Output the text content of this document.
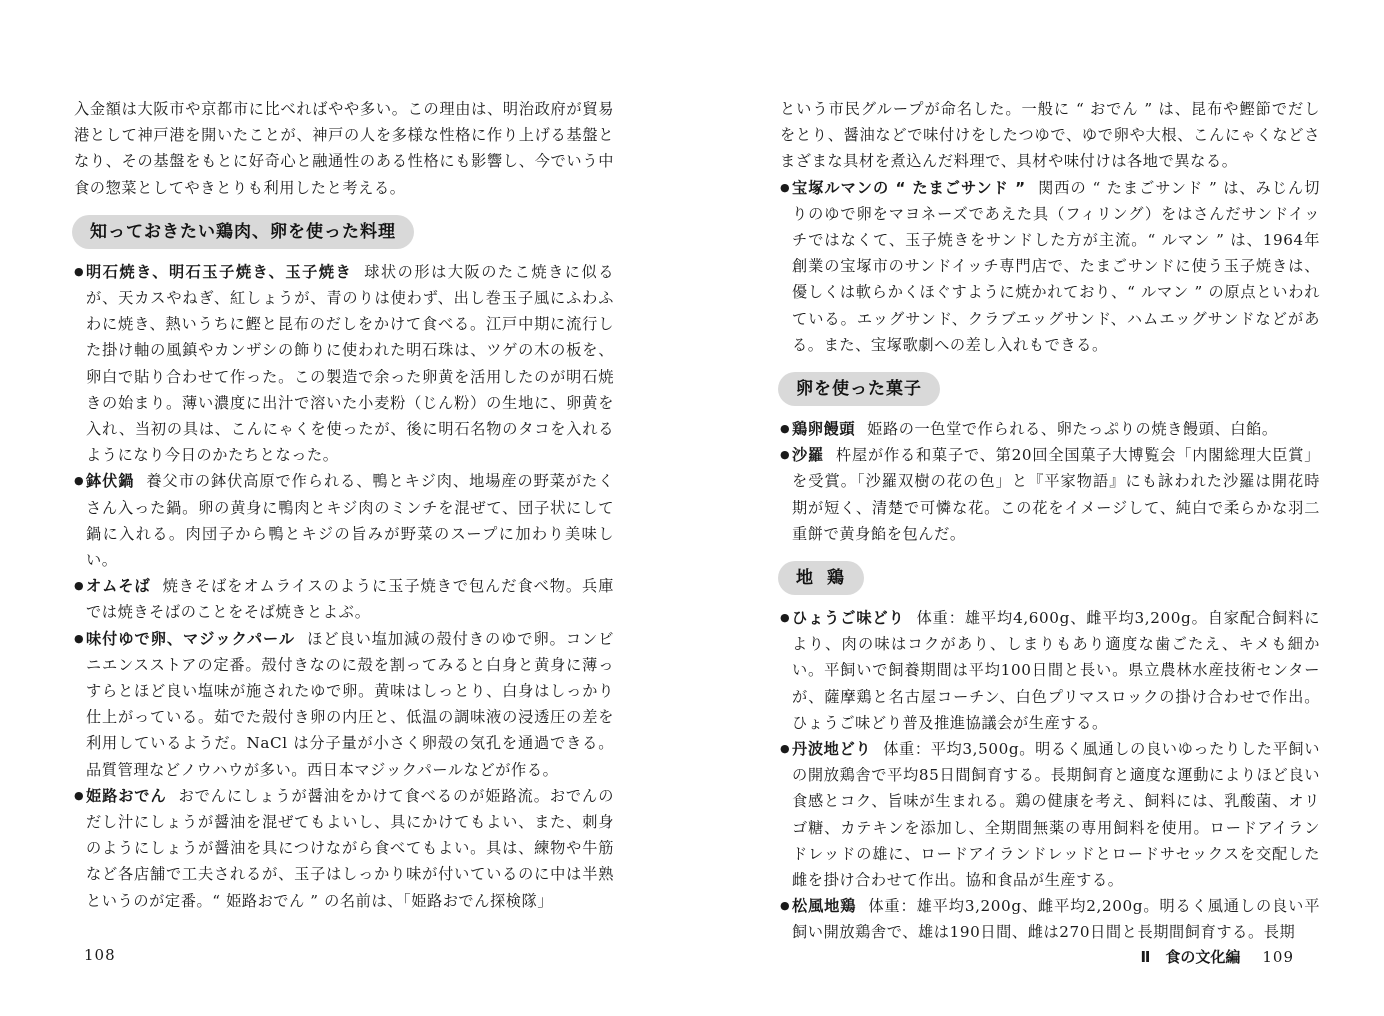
入金額は大阪市や京都市に比べればやや多い。この理由は、明治政府が貿易港として神戸港を開いたことが、神戸の人を多様な性格に作り上げる基盤となり、その基盤をもとに好奇心と融通性のある性格にも影響し、今でいう中食の惣菜としてやきとりも利用したと考える。

知っておきたい鶏肉、卵を使った料理
● 明石焼き、明石玉子焼き、玉子焼き 球状の形は大阪のたこ焼きに似るが、天カスやねぎ、紅しょうが、青のりは使わず、出し巻玉子風にふわふわに焼き、熱いうちに鰹と昆布のだしをかけて食べる。江戸中期に流行した掛け軸の風鎮やカンザシの飾りに使われた明石珠は、ツゲの木の板を、卵白で貼り合わせて作った。この製造で余った卵黄を活用したのが明石焼きの始まり。薄い濃度に出汁で溶いた小麦粉（じん粉）の生地に、卵黄を入れ、当初の具は、こんにゃくを使ったが、後に明石名物のタコを入れるようになり今日のかたちとなった。
● 鉢伏鍋 養父市の鉢伏高原で作られる、鴨とキジ肉、地場産の野菜がたくさん入った鍋。卵の黄身に鴨肉とキジ肉のミンチを混ぜて、団子状にして鍋に入れる。肉団子から鴨とキジの旨みが野菜のスープに加わり美味しい。
● オムそば 焼きそばをオムライスのように玉子焼きで包んだ食べ物。兵庫では焼きそばのことをそば焼きとよぶ。
● 味付ゆで卵、マジックパール ほど良い塩加減の殻付きのゆで卵。コンビニエンスストアの定番。殻付きなのに殻を割ってみると白身と黄身に薄っすらとほど良い塩味が施されたゆで卵。黄味はしっとり、白身はしっかり仕上がっている。茹でた殻付き卵の内圧と、低温の調味液の浸透圧の差を利用しているようだ。NaCl は分子量が小さく卵殻の気孔を通過できる。品質管理などノウハウが多い。西日本マジックパールなどが作る。
● 姫路おでん おでんにしょうが醤油をかけて食べるのが姫路流。おでんのだし汁にしょうが醤油を混ぜてもよいし、具にかけてもよい、また、刺身のようにしょうが醤油を具につけながら食べてもよい。具は、練物や牛筋など各店舗で工夫されるが、玉子はしっかり味が付いているのに中は半熟というのが定番。“ 姫路おでん ” の名前は、「姫路おでん探検隊」
108

という市民グループが命名した。一般に “ おでん ” は、昆布や鰹節でだしをとり、醤油などで味付けをしたつゆで、ゆで卵や大根、こんにゃくなどさまざまな具材を煮込んだ料理で、具材や味付けは各地で異なる。

● 宝塚ルマンの “ たまごサンド ” 関西の “ たまごサンド ” は、みじん切りのゆで卵をマヨネーズであえた具（フィリング）をはさんだサンドイッチではなくて、玉子焼きをサンドした方が主流。“ ルマン ” は、1964年創業の宝塚市のサンドイッチ専門店で、たまごサンドに使う玉子焼きは、優しくは軟らかくほぐすように焼かれており、“ ルマン ” の原点といわれている。エッグサンド、クラブエッグサンド、ハムエッグサンドなどがある。また、宝塚歌劇への差し入れもできる。
卵を使った菓子
● 鶏卵饅頭 姫路の一色堂で作られる、卵たっぷりの焼き饅頭、白餡。
● 沙羅 杵屋が作る和菓子で、第20回全国菓子大博覧会「内閣総理大臣賞」を受賞。「沙羅双樹の花の色」と『平家物語』にも詠われた沙羅は開花時期が短く、清楚で可憐な花。この花をイメージして、純白で柔らかな羽二重餅で黄身餡を包んだ。
地鶏
● ひょうご味どり 体重：雄平均4,600g、雌平均3,200g。自家配合飼料により、肉の味はコクがあり、しまりもあり適度な歯ごたえ、キメも細かい。平飼いで飼養期間は平均100日間と長い。県立農林水産技術センターが、薩摩鶏と名古屋コーチン、白色プリマスロックの掛け合わせで作出。ひょうご味どり普及推進協議会が生産する。
● 丹波地どり 体重：平均3,500g。明るく風通しの良いゆったりした平飼いの開放鶏舎で平均85日間飼育する。長期飼育と適度な運動によりほど良い食感とコク、旨味が生まれる。鶏の健康を考え、飼料には、乳酸菌、オリゴ糖、カテキンを添加し、全期間無薬の専用飼料を使用。ロードアイランドレッドの雄に、ロードアイランドレッドとロードサセックスを交配した雌を掛け合わせて作出。協和食品が生産する。
● 松風地鶏 体重：雄平均3,200g、雌平均2,200g。明るく風通しの良い平飼い開放鶏舎で、雄は190日間、雌は270日間と長期間飼育する。長期
Ⅱ　食の文化編 109
